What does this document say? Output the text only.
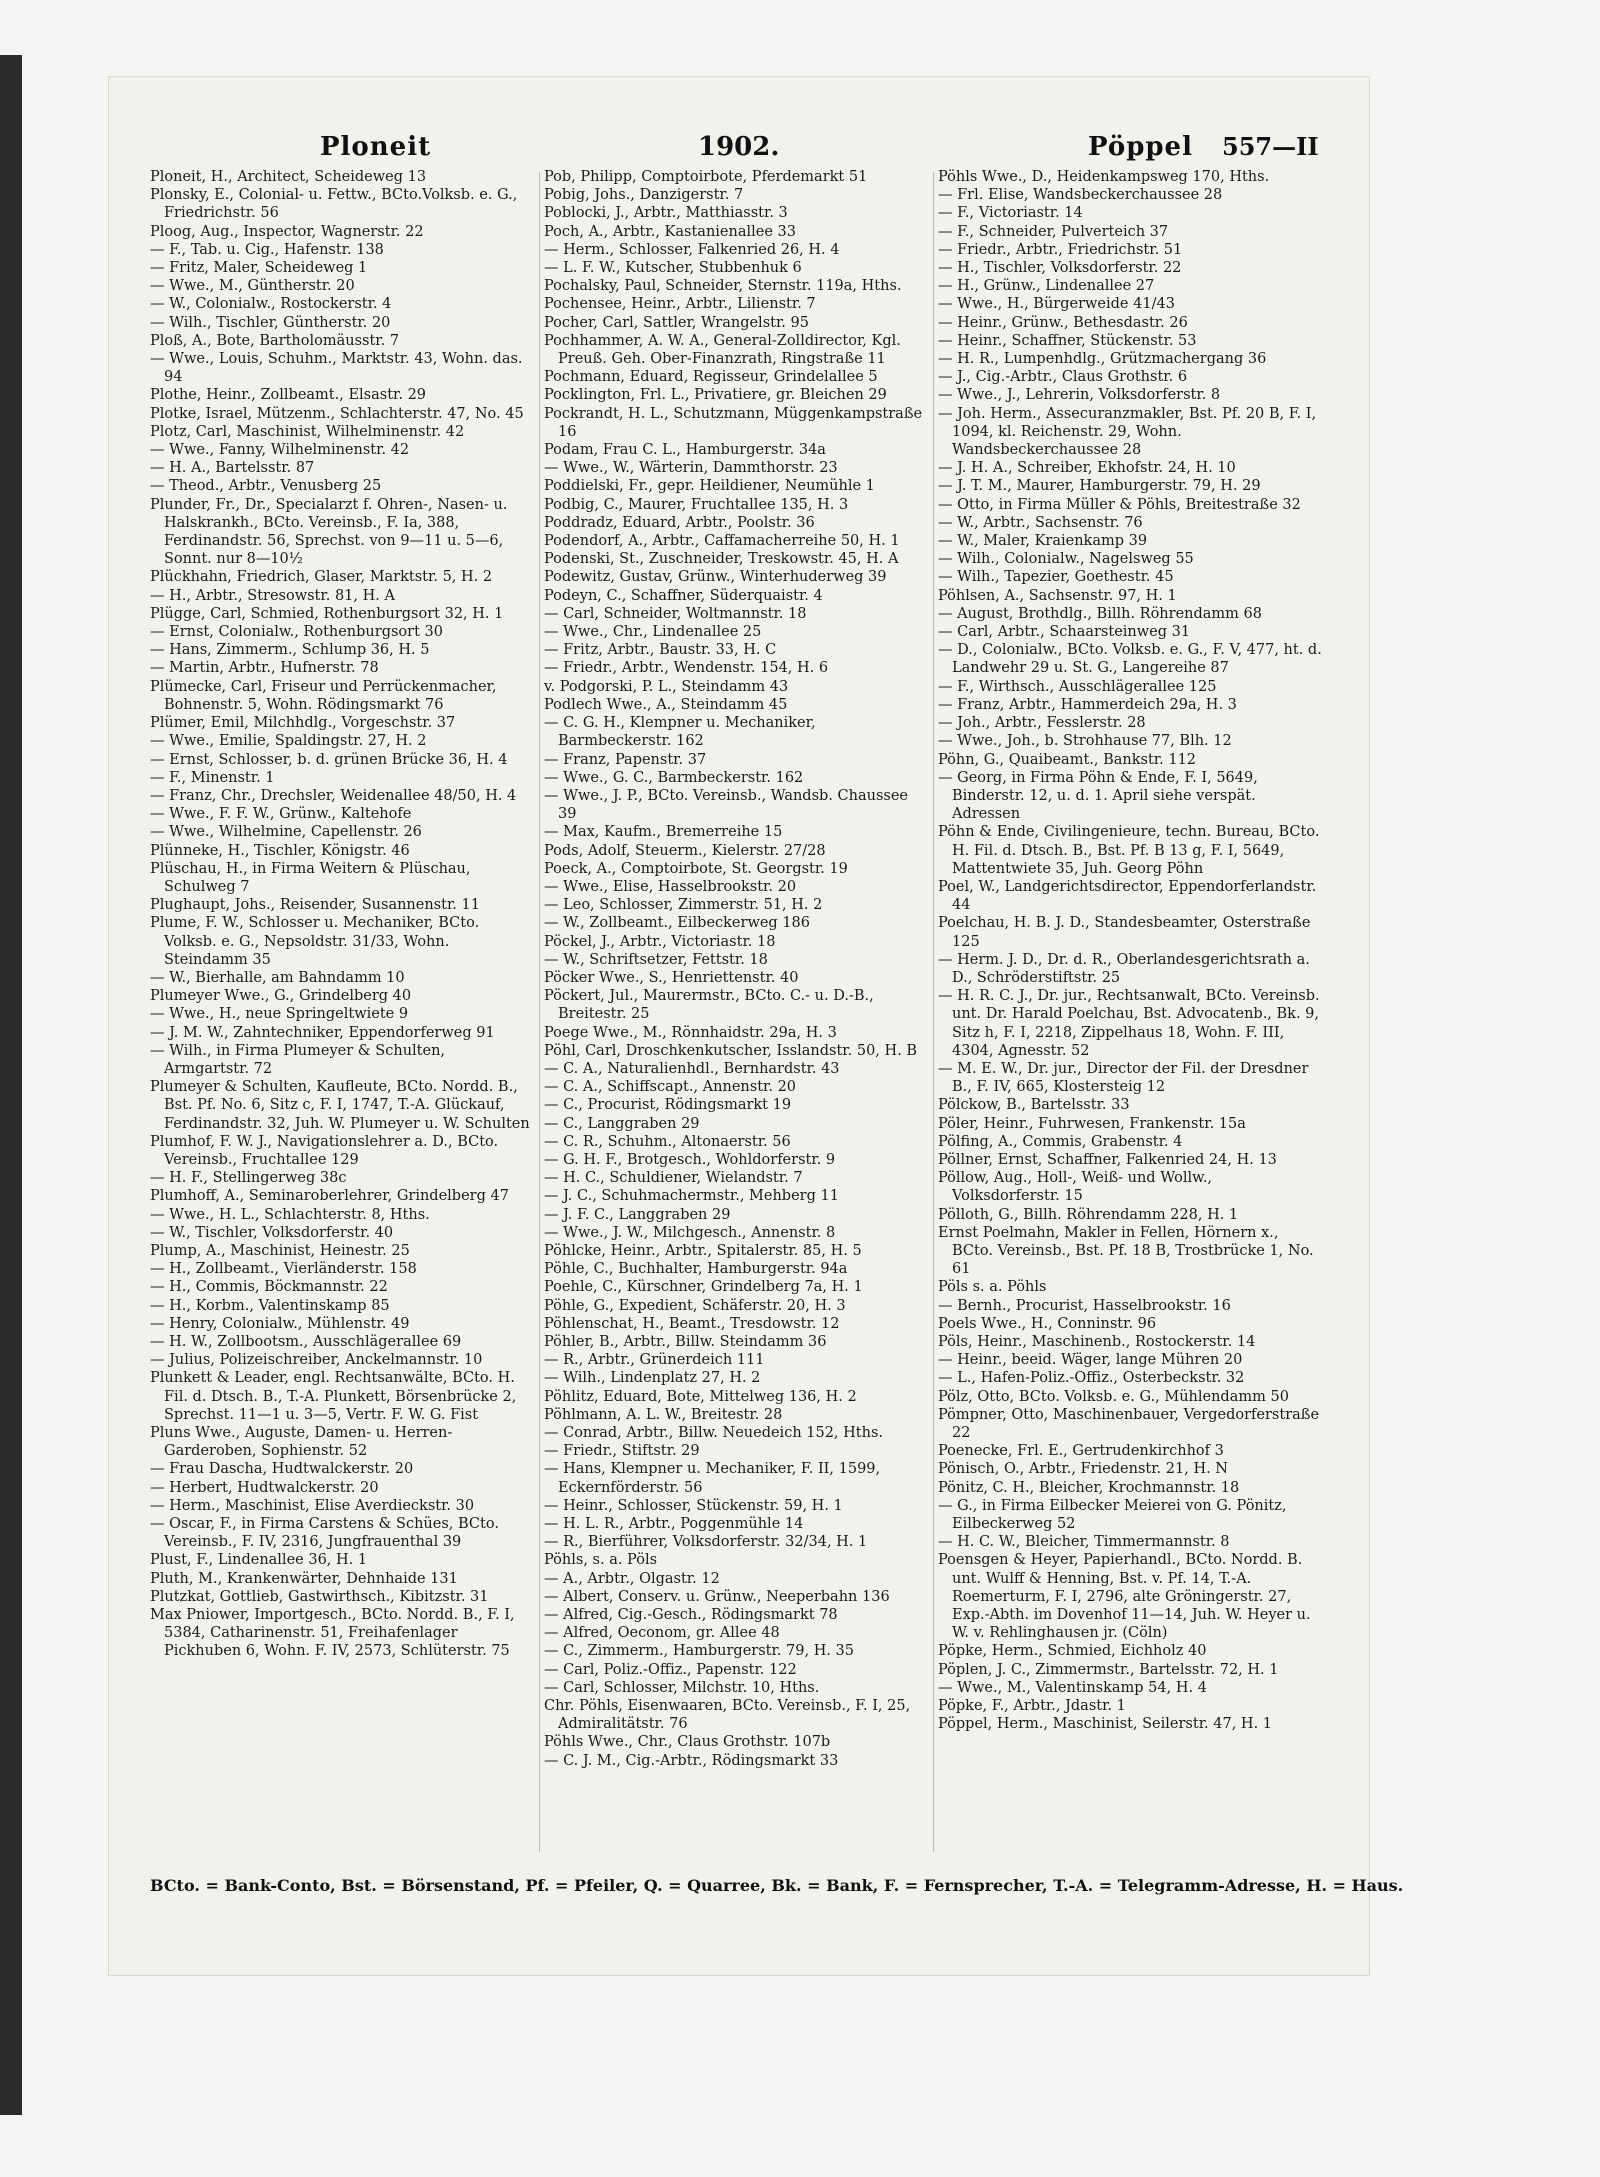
Ploneit	1902.	Pöppel 557—II

Ploneit, H., Architect, Scheideweg 13

Plonsky, E., Colonial- u. Fettw., BCto.Volksb. e. G., Friedrichstr. 56

Ploog, Aug., Inspector, Wagnerstr. 22

— F., Tab. u. Cig., Hafenstr. 138

— Fritz, Maler, Scheideweg 1

— Wwe., M., Güntherstr. 20

— W., Colonialw., Rostockerstr. 4

— Wilh., Tischler, Güntherstr. 20

Ploß, A., Bote, Bartholomäusstr. 7

— Wwe., Louis, Schuhm., Marktstr. 43, Wohn. das. 94

Plothe, Heinr., Zollbeamt., Elsastr. 29

Plotke, Israel, Mützenm., Schlachterstr. 47, No. 45

Plotz, Carl, Maschinist, Wilhelminenstr. 42

— Wwe., Fanny, Wilhelminenstr. 42

— H. A., Bartelsstr. 87

— Theod., Arbtr., Venusberg 25

Plunder, Fr., Dr., Specialarzt f. Ohren-, Nasen- u. Halskrankh., BCto. Vereinsb., F. Ia, 388, Ferdinandstr. 56, Sprechst. von 9—11 u. 5—6, Sonnt. nur 8—10½

Plückhahn, Friedrich, Glaser, Marktstr. 5, H. 2

— H., Arbtr., Stresowstr. 81, H. A

Plügge, Carl, Schmied, Rothenburgsort 32, H. 1

— Ernst, Colonialw., Rothenburgsort 30

— Hans, Zimmerm., Schlump 36, H. 5

— Martin, Arbtr., Hufnerstr. 78

Plümecke, Carl, Friseur und Perrückenmacher, Bohnenstr. 5, Wohn. Rödingsmarkt 76

Plümer, Emil, Milchhdlg., Vorgeschstr. 37

— Wwe., Emilie, Spaldingstr. 27, H. 2

— Ernst, Schlosser, b. d. grünen Brücke 36, H. 4

— F., Minenstr. 1

— Franz, Chr., Drechsler, Weidenallee 48/50, H. 4

— Wwe., F. F. W., Grünw., Kaltehofe

— Wwe., Wilhelmine, Capellenstr. 26

Plünneke, H., Tischler, Königstr. 46

Plüschau, H., in Firma Weitern & Plüschau, Schulweg 7

Plughaupt, Johs., Reisender, Susannenstr. 11

Plume, F. W., Schlosser u. Mechaniker, BCto. Volksb. e. G., Nepsoldstr. 31/33, Wohn. Steindamm 35

— W., Bierhalle, am Bahndamm 10

Plumeyer Wwe., G., Grindelberg 40

— Wwe., H., neue Springeltwiete 9

— J. M. W., Zahntechniker, Eppendorferweg 91

— Wilh., in Firma Plumeyer & Schulten, Armgartstr. 72

Plumeyer & Schulten, Kaufleute, BCto. Nordd. B., Bst. Pf. No. 6, Sitz c, F. I, 1747, T.-A. Glückauf, Ferdinandstr. 32, Juh. W. Plumeyer u. W. Schulten

Plumhof, F. W. J., Navigationslehrer a. D., BCto. Vereinsb., Fruchtallee 129

— H. F., Stellingerweg 38c

Plumhoff, A., Seminaroberlehrer, Grindelberg 47

— Wwe., H. L., Schlachterstr. 8, Hths.

— W., Tischler, Volksdorferstr. 40

Plump, A., Maschinist, Heinestr. 25

— H., Zollbeamt., Vierländerstr. 158

— H., Commis, Böckmannstr. 22

— H., Korbm., Valentinskamp 85

— Henry, Colonialw., Mühlenstr. 49

— H. W., Zollbootsm., Ausschlägerallee 69

— Julius, Polizeischreiber, Anckelmannstr. 10

Plunkett & Leader, engl. Rechtsanwälte, BCto. H. Fil. d. Dtsch. B., T.-A. Plunkett, Börsenbrücke 2, Sprechst. 11—1 u. 3—5, Vertr. F. W. G. Fist

Pluns Wwe., Auguste, Damen- u. Herren-Garderoben, Sophienstr. 52

— Frau Dascha, Hudtwalckerstr. 20

— Herbert, Hudtwalckerstr. 20

— Herm., Maschinist, Elise Averdieckstr. 30

— Oscar, F., in Firma Carstens & Schües, BCto. Vereinsb., F. IV, 2316, Jungfrauenthal 39

Plust, F., Lindenallee 36, H. 1

Pluth, M., Krankenwärter, Dehnhaide 131

Plutzkat, Gottlieb, Gastwirthsch., Kibitzstr. 31

Max Pniower, Importgesch., BCto. Nordd. B., F. I, 5384, Catharinenstr. 51, Freihafenlager Pickhuben 6, Wohn. F. IV, 2573, Schlüterstr. 75

Pob, Philipp, Comptoirbote, Pferdemarkt 51

Pobig, Johs., Danzigerstr. 7

Poblocki, J., Arbtr., Matthiasstr. 3

Poch, A., Arbtr., Kastanienallee 33

— Herm., Schlosser, Falkenried 26, H. 4

— L. F. W., Kutscher, Stubbenhuk 6

Pochalsky, Paul, Schneider, Sternstr. 119a, Hths.

Pochensee, Heinr., Arbtr., Lilienstr. 7

Pocher, Carl, Sattler, Wrangelstr. 95

Pochhammer, A. W. A., General-Zolldirector, Kgl. Preuß. Geh. Ober-Finanzrath, Ringstraße 11

Pochmann, Eduard, Regisseur, Grindelallee 5

Pocklington, Frl. L., Privatiere, gr. Bleichen 29

Pockrandt, H. L., Schutzmann, Müggenkampstraße 16

Podam, Frau C. L., Hamburgerstr. 34a

— Wwe., W., Wärterin, Dammthorstr. 23

Poddielski, Fr., gepr. Heildiener, Neumühle 1

Podbig, C., Maurer, Fruchtallee 135, H. 3

Poddradz, Eduard, Arbtr., Poolstr. 36

Podendorf, A., Arbtr., Caffamacherreihe 50, H. 1

Podenski, St., Zuschneider, Treskowstr. 45, H. A

Podewitz, Gustav, Grünw., Winterhuderweg 39

Podeyn, C., Schaffner, Süderquaistr. 4

— Carl, Schneider, Woltmannstr. 18

— Wwe., Chr., Lindenallee 25

— Fritz, Arbtr., Baustr. 33, H. C

— Friedr., Arbtr., Wendenstr. 154, H. 6

v. Podgorski, P. L., Steindamm 43

Podlech Wwe., A., Steindamm 45

— C. G. H., Klempner u. Mechaniker, Barmbeckerstr. 162

— Franz, Papenstr. 37

— Wwe., G. C., Barmbeckerstr. 162

— Wwe., J. P., BCto. Vereinsb., Wandsb. Chaussee 39

— Max, Kaufm., Bremerreihe 15

Pods, Adolf, Steuerm., Kielerstr. 27/28

Poeck, A., Comptoirbote, St. Georgstr. 19

— Wwe., Elise, Hasselbrookstr. 20

— Leo, Schlosser, Zimmerstr. 51, H. 2

— W., Zollbeamt., Eilbeckerweg 186

Pöckel, J., Arbtr., Victoriastr. 18

— W., Schriftsetzer, Fettstr. 18

Pöcker Wwe., S., Henriettenstr. 40

Pöckert, Jul., Maurermstr., BCto. C.- u. D.-B., Breitestr. 25

Poege Wwe., M., Rönnhaidstr. 29a, H. 3

Pöhl, Carl, Droschkenkutscher, Isslandstr. 50, H. B

— C. A., Naturalienhdl., Bernhardstr. 43

— C. A., Schiffscapt., Annenstr. 20

— C., Procurist, Rödingsmarkt 19

— C., Langgraben 29

— C. R., Schuhm., Altonaerstr. 56

— G. H. F., Brotgesch., Wohldorferstr. 9

— H. C., Schuldiener, Wielandstr. 7

— J. C., Schuhmachermstr., Mehberg 11

— J. F. C., Langgraben 29

— Wwe., J. W., Milchgesch., Annenstr. 8

Pöhlcke, Heinr., Arbtr., Spitalerstr. 85, H. 5

Pöhle, C., Buchhalter, Hamburgerstr. 94a

Poehle, C., Kürschner, Grindelberg 7a, H. 1

Pöhle, G., Expedient, Schäferstr. 20, H. 3

Pöhlenschat, H., Beamt., Tresdowstr. 12

Pöhler, B., Arbtr., Billw. Steindamm 36

— R., Arbtr., Grünerdeich 111

— Wilh., Lindenplatz 27, H. 2

Pöhlitz, Eduard, Bote, Mittelweg 136, H. 2

Pöhlmann, A. L. W., Breitestr. 28

— Conrad, Arbtr., Billw. Neuedeich 152, Hths.

— Friedr., Stiftstr. 29

— Hans, Klempner u. Mechaniker, F. II, 1599, Eckernförderstr. 56

— Heinr., Schlosser, Stückenstr. 59, H. 1

— H. L. R., Arbtr., Poggenmühle 14

— R., Bierführer, Volksdorferstr. 32/34, H. 1

Pöhls, s. a. Pöls

— A., Arbtr., Olgastr. 12

— Albert, Conserv. u. Grünw., Neeperbahn 136

— Alfred, Cig.-Gesch., Rödingsmarkt 78

— Alfred, Oeconom, gr. Allee 48

— C., Zimmerm., Hamburgerstr. 79, H. 35

— Carl, Poliz.-Offiz., Papenstr. 122

— Carl, Schlosser, Milchstr. 10, Hths.

Chr. Pöhls, Eisenwaaren, BCto. Vereinsb., F. I, 25, Admiralitätstr. 76

Pöhls Wwe., Chr., Claus Grothstr. 107b

— C. J. M., Cig.-Arbtr., Rödingsmarkt 33

Pöhls Wwe., D., Heidenkampsweg 170, Hths.

— Frl. Elise, Wandsbeckerchaussee 28

— F., Victoriastr. 14

— F., Schneider, Pulverteich 37

— Friedr., Arbtr., Friedrichstr. 51

— H., Tischler, Volksdorferstr. 22

— H., Grünw., Lindenallee 27

— Wwe., H., Bürgerweide 41/43

— Heinr., Grünw., Bethesdastr. 26

— Heinr., Schaffner, Stückenstr. 53

— H. R., Lumpenhdlg., Grützmachergang 36

— J., Cig.-Arbtr., Claus Grothstr. 6

— Wwe., J., Lehrerin, Volksdorferstr. 8

— Joh. Herm., Assecuranzmakler, Bst. Pf. 20 B, F. I, 1094, kl. Reichenstr. 29, Wohn. Wandsbeckerchaussee 28

— J. H. A., Schreiber, Ekhofstr. 24, H. 10

— J. T. M., Maurer, Hamburgerstr. 79, H. 29

— Otto, in Firma Müller & Pöhls, Breitestraße 32

— W., Arbtr., Sachsenstr. 76

— W., Maler, Kraienkamp 39

— Wilh., Colonialw., Nagelsweg 55

— Wilh., Tapezier, Goethestr. 45

Pöhlsen, A., Sachsenstr. 97, H. 1

— August, Brothdlg., Billh. Röhrendamm 68

— Carl, Arbtr., Schaarsteinweg 31

— D., Colonialw., BCto. Volksb. e. G., F. V, 477, ht. d. Landwehr 29 u. St. G., Langereihe 87

— F., Wirthsch., Ausschlägerallee 125

— Franz, Arbtr., Hammerdeich 29a, H. 3

— Joh., Arbtr., Fesslerstr. 28

— Wwe., Joh., b. Strohhause 77, Blh. 12

Pöhn, G., Quaibeamt., Bankstr. 112

— Georg, in Firma Pöhn & Ende, F. I, 5649, Binderstr. 12, u. d. 1. April siehe verspät. Adressen

Pöhn & Ende, Civilingenieure, techn. Bureau, BCto. H. Fil. d. Dtsch. B., Bst. Pf. B 13 g, F. I, 5649, Mattentwiete 35, Juh. Georg Pöhn

Poel, W., Landgerichtsdirector, Eppendorferlandstr. 44

Poelchau, H. B. J. D., Standesbeamter, Osterstraße 125

— Herm. J. D., Dr. d. R., Oberlandesgerichtsrath a. D., Schröderstiftstr. 25

— H. R. C. J., Dr. jur., Rechtsanwalt, BCto. Vereinsb. unt. Dr. Harald Poelchau, Bst. Advocatenb., Bk. 9, Sitz h, F. I, 2218, Zippelhaus 18, Wohn. F. III, 4304, Agnesstr. 52

— M. E. W., Dr. jur., Director der Fil. der Dresdner B., F. IV, 665, Klostersteig 12

Pölckow, B., Bartelsstr. 33

Pöler, Heinr., Fuhrwesen, Frankenstr. 15a

Pölfing, A., Commis, Grabenstr. 4

Pöllner, Ernst, Schaffner, Falkenried 24, H. 13

Pöllow, Aug., Holl-, Weiß- und Wollw., Volksdorferstr. 15

Pölloth, G., Billh. Röhrendamm 228, H. 1

Ernst Poelmahn, Makler in Fellen, Hörnern x., BCto. Vereinsb., Bst. Pf. 18 B, Trostbrücke 1, No. 61

Pöls s. a. Pöhls

— Bernh., Procurist, Hasselbrookstr. 16

Poels Wwe., H., Conninstr. 96

Pöls, Heinr., Maschinenb., Rostockerstr. 14

— Heinr., beeid. Wäger, lange Mühren 20

— L., Hafen-Poliz.-Offiz., Osterbeckstr. 32

Pölz, Otto, BCto. Volksb. e. G., Mühlendamm 50

Pömpner, Otto, Maschinenbauer, Vergedorferstraße 22

Poenecke, Frl. E., Gertrudenkirchhof 3

Pönisch, O., Arbtr., Friedenstr. 21, H. N

Pönitz, C. H., Bleicher, Krochmannstr. 18

— G., in Firma Eilbecker Meierei von G. Pönitz, Eilbeckerweg 52

— H. C. W., Bleicher, Timmermannstr. 8

Poensgen & Heyer, Papierhandl., BCto. Nordd. B. unt. Wulff & Henning, Bst. v. Pf. 14, T.-A. Roemerturm, F. I, 2796, alte Gröningerstr. 27, Exp.-Abth. im Dovenhof 11—14, Juh. W. Heyer u. W. v. Rehlinghausen jr. (Cöln)

Pöpke, Herm., Schmied, Eichholz 40

Pöplen, J. C., Zimmermstr., Bartelsstr. 72, H. 1

— Wwe., M., Valentinskamp 54, H. 4

Pöpke, F., Arbtr., Jdastr. 1

Pöppel, Herm., Maschinist, Seilerstr. 47, H. 1

BCto. = Bank-Conto, Bst. = Börsenstand, Pf. = Pfeiler, Q. = Quarree, Bk. = Bank, F. = Fernsprecher, T.-A. = Telegramm-Adresse, H. = Haus.
